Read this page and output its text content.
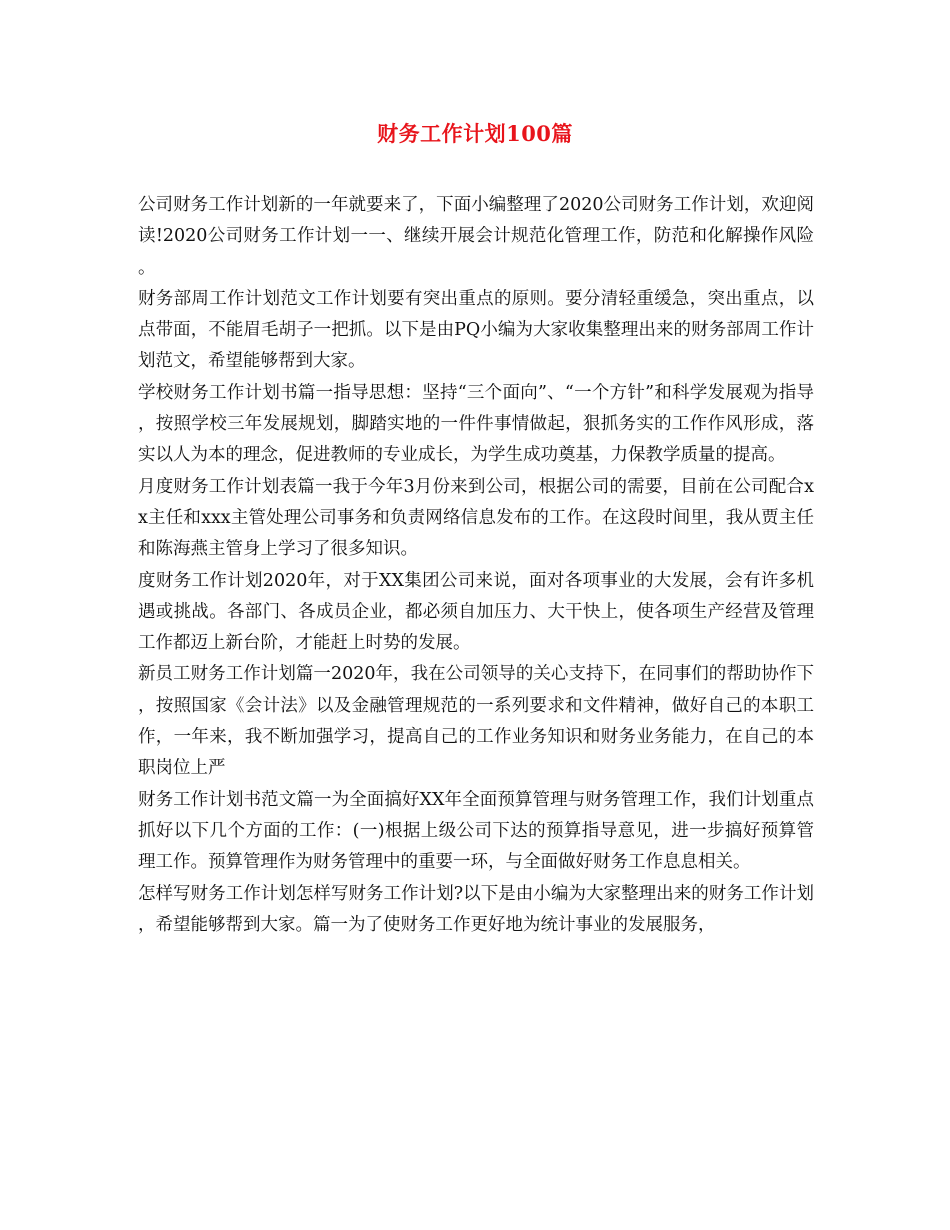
财务工作计划100篇

公司财务工作计划新的一年就要来了，下面小编整理了2020公司财务工作计划，欢迎阅读!2020公司财务工作计划一一、继续开展会计规范化管理工作，防范和化解操作风险。

财务部周工作计划范文工作计划要有突出重点的原则。要分清轻重缓急，突出重点，以点带面，不能眉毛胡子一把抓。以下是由PQ小编为大家收集整理出来的财务部周工作计划范文，希望能够帮到大家。

学校财务工作计划书篇一指导思想：坚持“三个面向”、“一个方针”和科学发展观为指导，按照学校三年发展规划，脚踏实地的一件件事情做起，狠抓务实的工作作风形成，落实以人为本的理念，促进教师的专业成长，为学生成功奠基，力保教学质量的提高。

月度财务工作计划表篇一我于今年3月份来到公司，根据公司的需要，目前在公司配合xx主任和xxx主管处理公司事务和负责网络信息发布的工作。在这段时间里，我从贾主任和陈海燕主管身上学习了很多知识。

度财务工作计划2020年，对于XX集团公司来说，面对各项事业的大发展，会有许多机遇或挑战。各部门、各成员企业，都必须自加压力、大干快上，使各项生产经营及管理工作都迈上新台阶，才能赶上时势的发展。

新员工财务工作计划篇一2020年，我在公司领导的关心支持下，在同事们的帮助协作下，按照国家《会计法》以及金融管理规范的一系列要求和文件精神，做好自己的本职工作，一年来，我不断加强学习，提高自己的工作业务知识和财务业务能力，在自己的本职岗位上严

财务工作计划书范文篇一为全面搞好XX年全面预算管理与财务管理工作，我们计划重点抓好以下几个方面的工作：(一)根据上级公司下达的预算指导意见，进一步搞好预算管理工作。预算管理作为财务管理中的重要一环，与全面做好财务工作息息相关。

怎样写财务工作计划怎样写财务工作计划?以下是由小编为大家整理出来的财务工作计划，希望能够帮到大家。篇一为了使财务工作更好地为统计事业的发展服务，
